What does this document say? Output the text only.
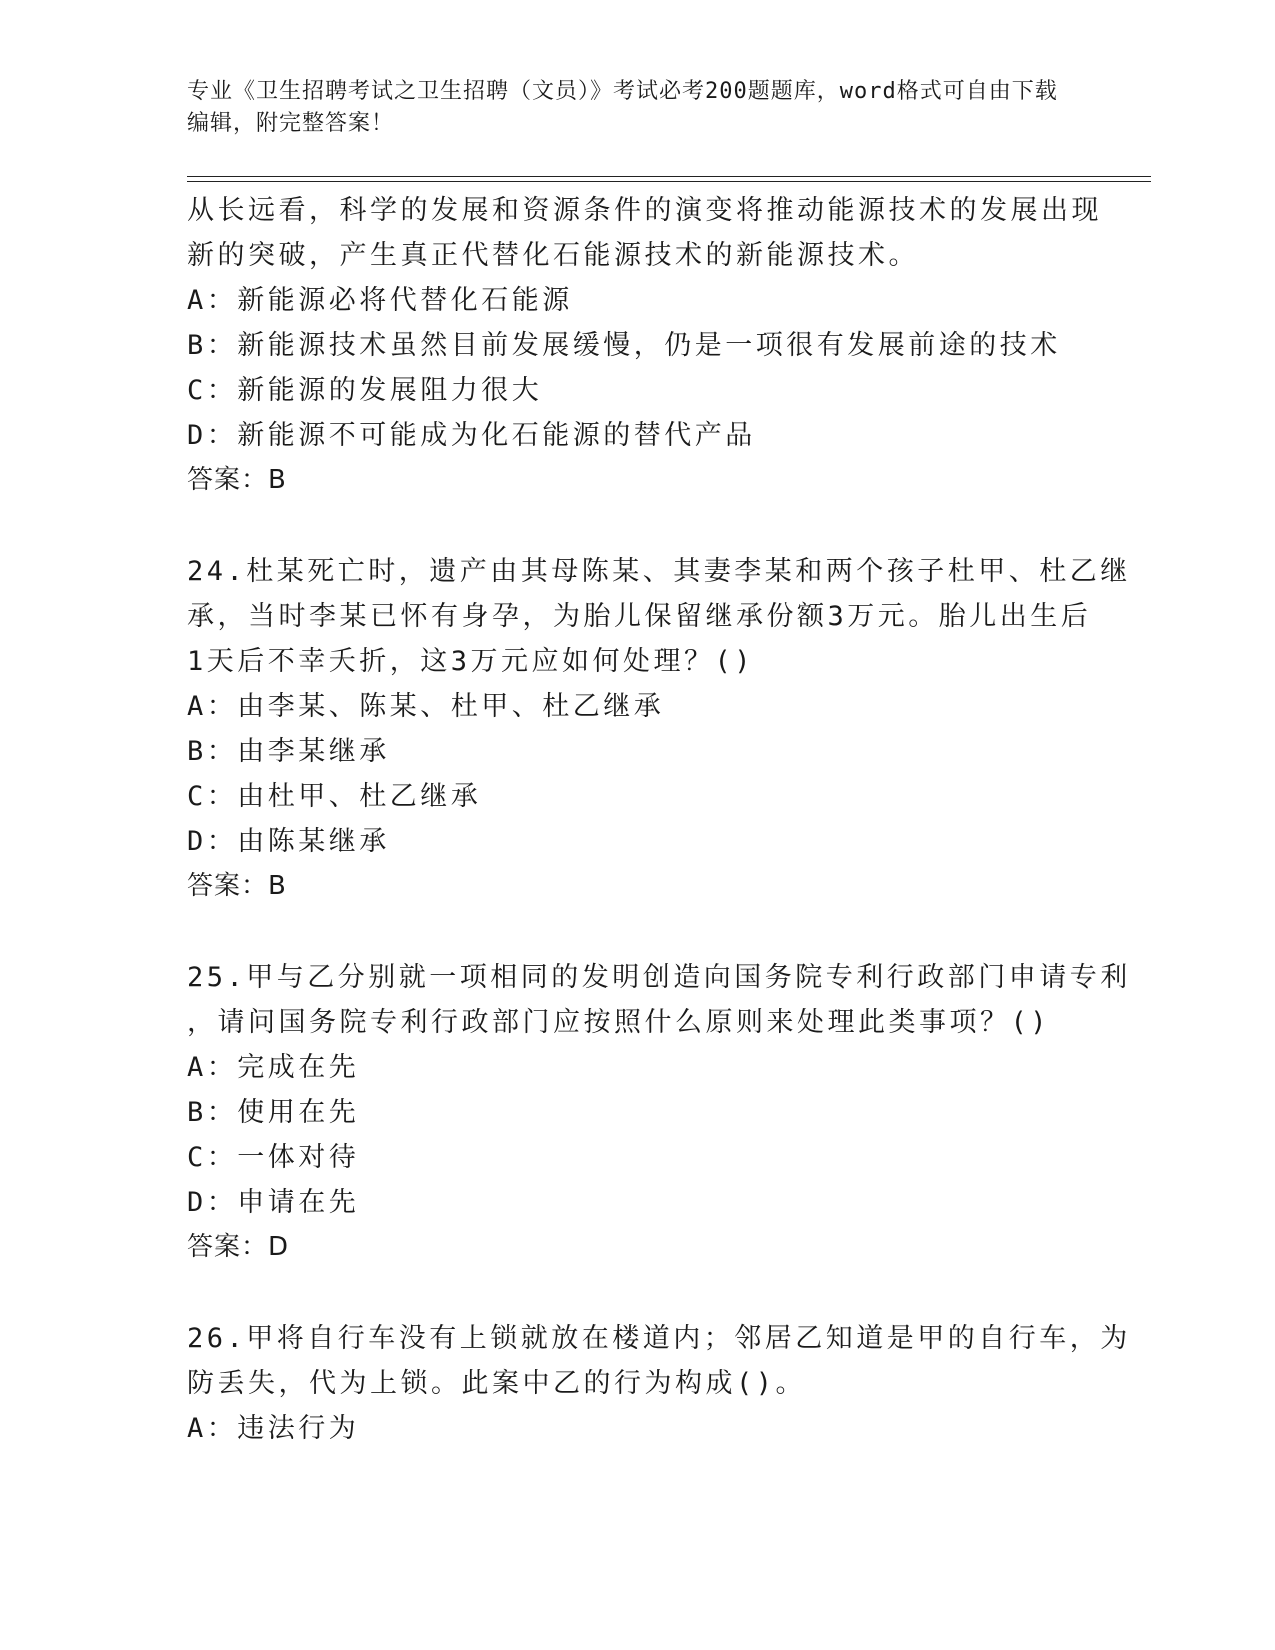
专业《卫生招聘考试之卫生招聘（文员）》考试必考200题题库，word格式可自由下载编辑，附完整答案！

从长远看，科学的发展和资源条件的演变将推动能源技术的发展出现

新的突破，产生真正代替化石能源技术的新能源技术。

A：新能源必将代替化石能源

B：新能源技术虽然目前发展缓慢，仍是一项很有发展前途的技术

C：新能源的发展阻力很大

D：新能源不可能成为化石能源的替代产品

答案：B

24.杜某死亡时，遗产由其母陈某、其妻李某和两个孩子杜甲、杜乙继

承，当时李某已怀有身孕，为胎儿保留继承份额3万元。胎儿出生后

1天后不幸夭折，这3万元应如何处理？()

A：由李某、陈某、杜甲、杜乙继承

B：由李某继承

C：由杜甲、杜乙继承

D：由陈某继承

答案：B

25.甲与乙分别就一项相同的发明创造向国务院专利行政部门申请专利

，请问国务院专利行政部门应按照什么原则来处理此类事项？()

A：完成在先

B：使用在先

C：一体对待

D：申请在先

答案：D

26.甲将自行车没有上锁就放在楼道内；邻居乙知道是甲的自行车，为

防丢失，代为上锁。此案中乙的行为构成()。

A：违法行为
